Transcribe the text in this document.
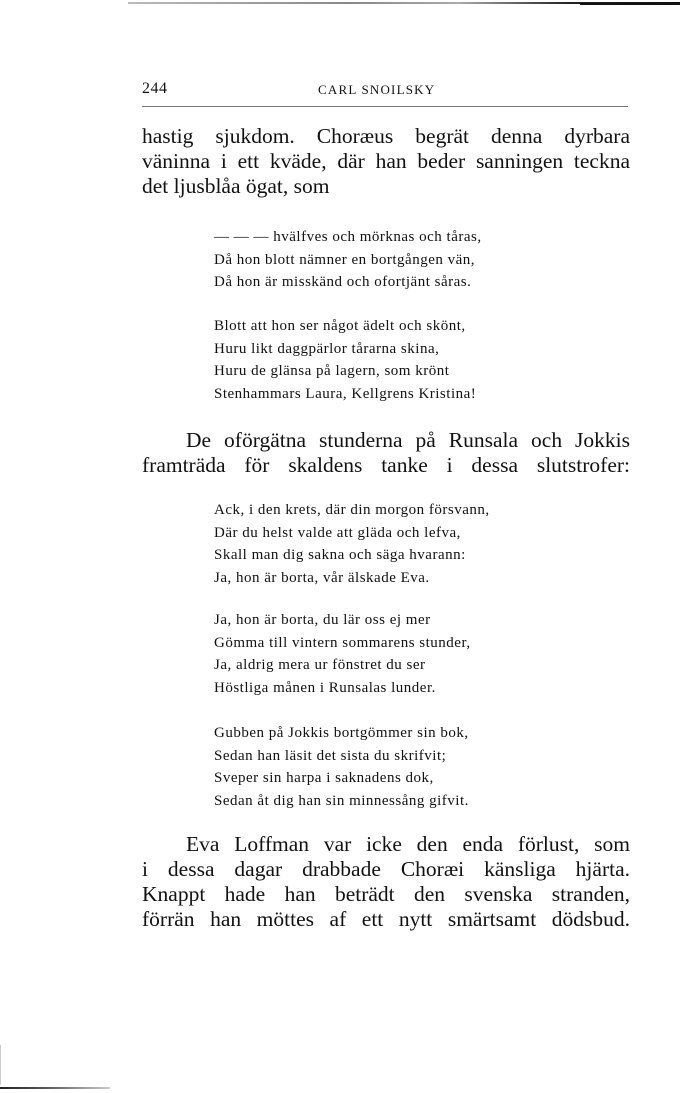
244	CARL SNOILSKY
hastig sjukdom. Choræus begrät denna dyrbara
väninna i ett kväde, där han beder sanningen teckna
det ljusblåa ögat, som
— — — hvälfves och mörknas och tåras,
Då hon blott nämner en bortgången vän,
Då hon är misskänd och ofortjänt såras.
Blott att hon ser något ädelt och skönt,
Huru likt daggpärlor tårarna skina,
Huru de glänsa på lagern, som krönt
Stenhammars Laura, Kellgrens Kristina!
De oförgätna stunderna på Runsala och Jokkis
framträda för skaldens tanke i dessa slutstrofer:
Ack, i den krets, där din morgon försvann,
Där du helst valde att gläda och lefva,
Skall man dig sakna och säga hvarann:
Ja, hon är borta, vår älskade Eva.
Ja, hon är borta, du lär oss ej mer
Gömma till vintern sommarens stunder,
Ja, aldrig mera ur fönstret du ser
Höstliga månen i Runsalas lunder.
Gubben på Jokkis bortgömmer sin bok,
Sedan han läsit det sista du skrifvit;
Sveper sin harpa i saknadens dok,
Sedan åt dig han sin minnessång gifvit.
Eva Loffman var icke den enda förlust, som
i dessa dagar drabbade Choræi känsliga hjärta.
Knappt hade han beträdt den svenska stranden,
förrän han möttes af ett nytt smärtsamt dödsbud.
